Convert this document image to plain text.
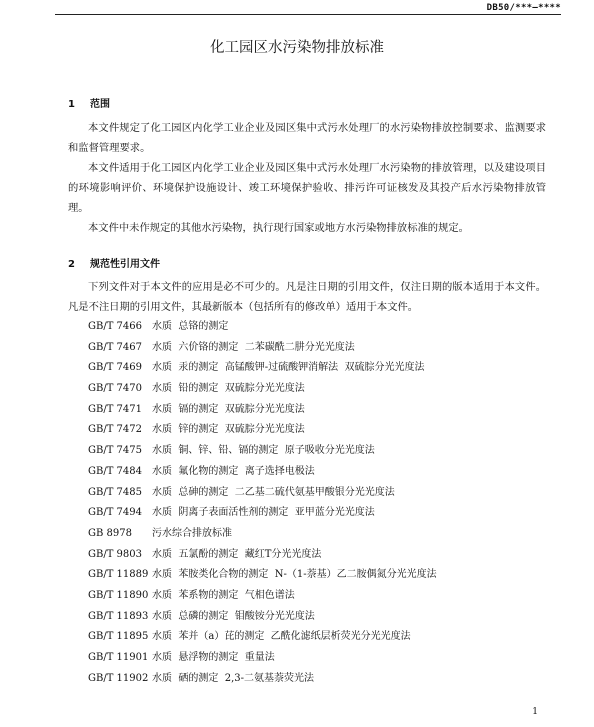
DB50/***—****
化工园区水污染物排放标准
1 范围

本文件规定了化工园区内化学工业企业及园区集中式污水处理厂的水污染物排放控制要求、监测要求和监督管理要求。

本文件适用于化工园区内化学工业企业及园区集中式污水处理厂水污染物的排放管理，以及建设项目的环境影响评价、环境保护设施设计、竣工环境保护验收、排污许可证核发及其投产后水污染物排放管理。

本文件中未作规定的其他水污染物，执行现行国家或地方水污染物排放标准的规定。

2 规范性引用文件

下列文件对于本文件的应用是必不可少的。凡是注日期的引用文件，仅注日期的版本适用于本文件。凡是不注日期的引用文件，其最新版本（包括所有的修改单）适用于本文件。

GB/T 7466 水质  总铬的测定
GB/T 7467 水质  六价铬的测定  二苯碳酰二肼分光光度法
GB/T 7469 水质  汞的测定  高锰酸钾-过硫酸钾消解法  双硫腙分光光度法
GB/T 7470 水质  铅的测定  双硫腙分光光度法
GB/T 7471 水质  镉的测定  双硫腙分光光度法
GB/T 7472 水质  锌的测定  双硫腙分光光度法
GB/T 7475 水质  铜、锌、铅、镉的测定  原子吸收分光光度法
GB/T 7484 水质  氟化物的测定  离子选择电极法
GB/T 7485 水质  总砷的测定  二乙基二硫代氨基甲酸银分光光度法
GB/T 7494 水质  阴离子表面活性剂的测定  亚甲蓝分光光度法
GB 8978 污水综合排放标准
GB/T 9803 水质  五氯酚的测定  藏红T分光光度法
GB/T 11889 水质  苯胺类化合物的测定  N-（1-萘基）乙二胺偶氮分光光度法
GB/T 11890 水质  苯系物的测定  气相色谱法
GB/T 11893 水质  总磷的测定  钼酸铵分光光度法
GB/T 11895 水质  苯并（a）芘的测定  乙酰化滤纸层析荧光分光光度法
GB/T 11901 水质  悬浮物的测定  重量法
GB/T 11902 水质  硒的测定  2,3-二氨基萘荧光法
1
